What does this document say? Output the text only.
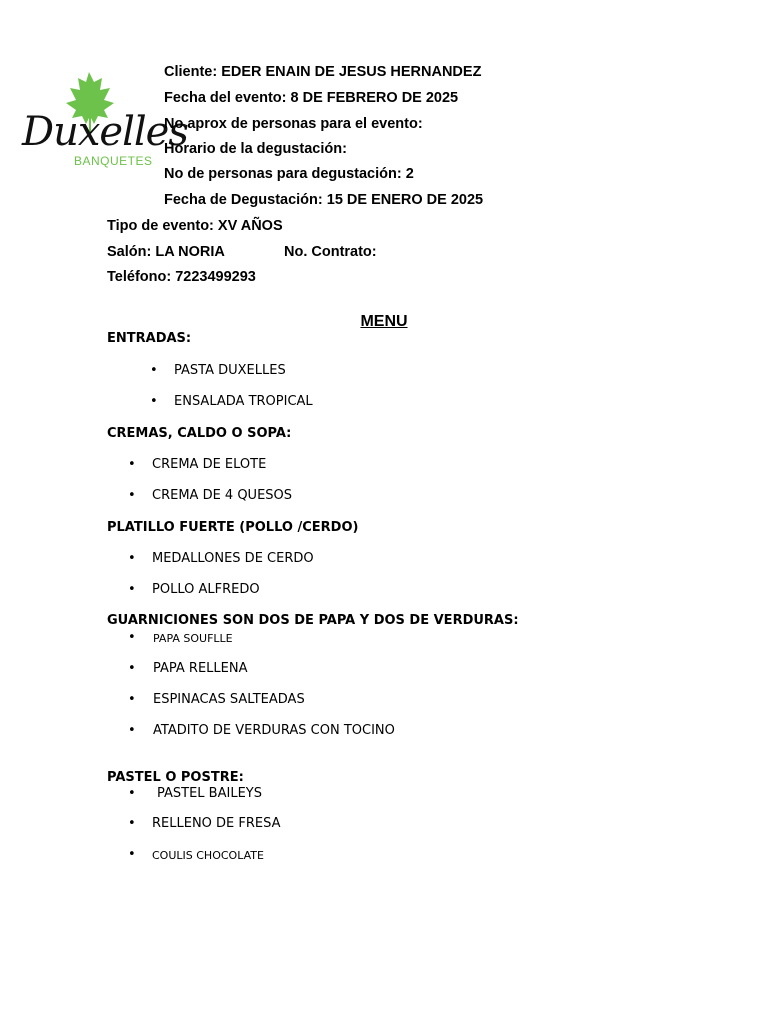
Duxelles
BANQUETES

Cliente: EDER ENAIN DE JESUS HERNANDEZ

Fecha del evento: 8 DE FEBRERO DE 2025

No aprox de personas para el evento:

Horario de la degustación:

No de personas para degustación: 2

Fecha de Degustación: 15 DE ENERO DE 2025

Tipo de evento: XV AÑOS

Salón: LA NORIA	No. Contrato:

Teléfono: 7223499293

MENU

ENTRADAS:

• PASTA DUXELLES

• ENSALADA TROPICAL

CREMAS, CALDO O SOPA:

• CREMA DE ELOTE

• CREMA DE 4 QUESOS

PLATILLO FUERTE (POLLO /CERDO)

• MEDALLONES DE CERDO

• POLLO ALFREDO

GUARNICIONES SON DOS DE PAPA Y DOS DE VERDURAS:

• PAPA SOUFLLE

• PAPA RELLENA

• ESPINACAS SALTEADAS

• ATADITO DE VERDURAS CON TOCINO

PASTEL O POSTRE:

• PASTEL BAILEYS

• RELLENO DE FRESA

• COULIS CHOCOLATE
